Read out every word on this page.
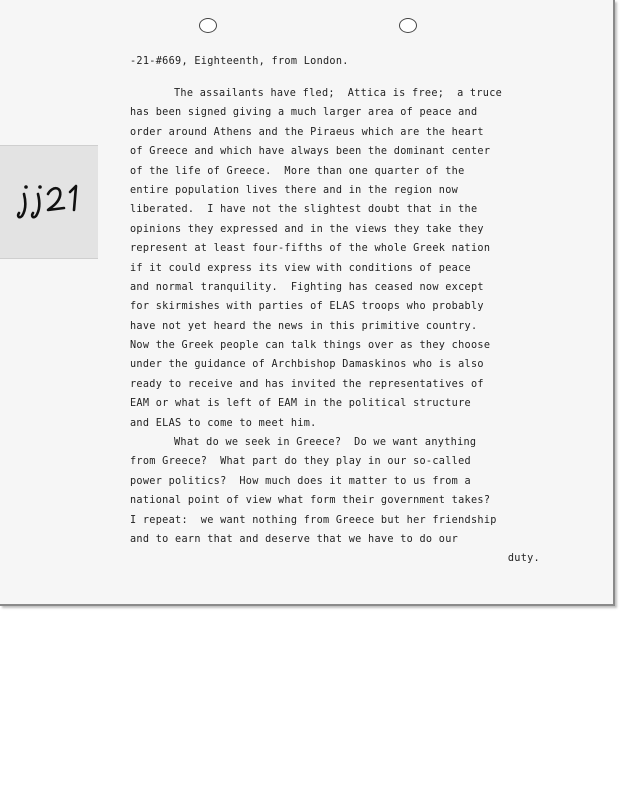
-21-#669, Eighteenth, from London.
The assailants have fled;  Attica is free;  a truce
has been signed giving a much larger area of peace and
order around Athens and the Piraeus which are the heart
of Greece and which have always been the dominant center
of the life of Greece.  More than one quarter of the
entire population lives there and in the region now
liberated.  I have not the slightest doubt that in the
opinions they expressed and in the views they take they
represent at least four-fifths of the whole Greek nation
if it could express its view with conditions of peace
and normal tranquility.  Fighting has ceased now except
for skirmishes with parties of ELAS troops who probably
have not yet heard the news in this primitive country.
Now the Greek people can talk things over as they choose
under the guidance of Archbishop Damaskinos who is also
ready to receive and has invited the representatives of
EAM or what is left of EAM in the political structure
and ELAS to come to meet him.
What do we seek in Greece?  Do we want anything
from Greece?  What part do they play in our so-called
power politics?  How much does it matter to us from a
national point of view what form their government takes?
I repeat:  we want nothing from Greece but her friendship
and to earn that and deserve that we have to do our
duty.
